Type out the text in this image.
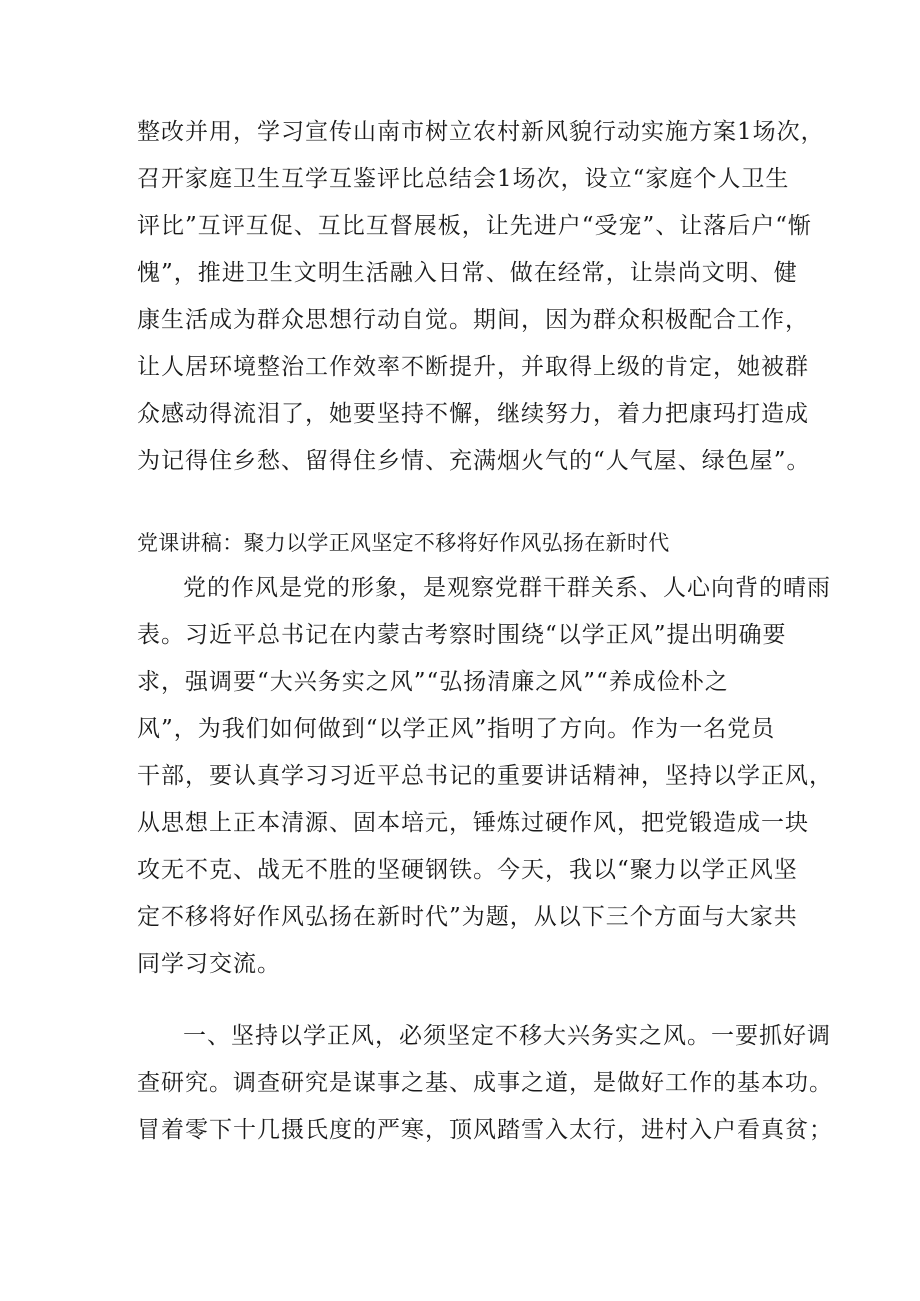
整改并用，学习宣传山南市树立农村新风貌行动实施方案1场次，
召开家庭卫生互学互鉴评比总结会1场次，设立“家庭个人卫生
评比”互评互促、互比互督展板，让先进户“受宠”、让落后户“惭
愧”，推进卫生文明生活融入日常、做在经常，让崇尚文明、健
康生活成为群众思想行动自觉。期间，因为群众积极配合工作，
让人居环境整治工作效率不断提升，并取得上级的肯定，她被群
众感动得流泪了，她要坚持不懈，继续努力，着力把康玛打造成
为记得住乡愁、留得住乡情、充满烟火气的“人气屋、绿色屋”。
党课讲稿：聚力以学正风坚定不移将好作风弘扬在新时代
党的作风是党的形象，是观察党群干群关系、人心向背的晴雨
表。习近平总书记在内蒙古考察时围绕“以学正风”提出明确要
求，强调要“大兴务实之风”“弘扬清廉之风”“养成俭朴之
风”，为我们如何做到“以学正风”指明了方向。作为一名党员
干部，要认真学习习近平总书记的重要讲话精神，坚持以学正风，
从思想上正本清源、固本培元，锤炼过硬作风，把党锻造成一块
攻无不克、战无不胜的坚硬钢铁。今天，我以“聚力以学正风坚
定不移将好作风弘扬在新时代”为题，从以下三个方面与大家共
同学习交流。
一、坚持以学正风，必须坚定不移大兴务实之风。一要抓好调
查研究。调查研究是谋事之基、成事之道，是做好工作的基本功。
冒着零下十几摄氏度的严寒，顶风踏雪入太行，进村入户看真贫；
